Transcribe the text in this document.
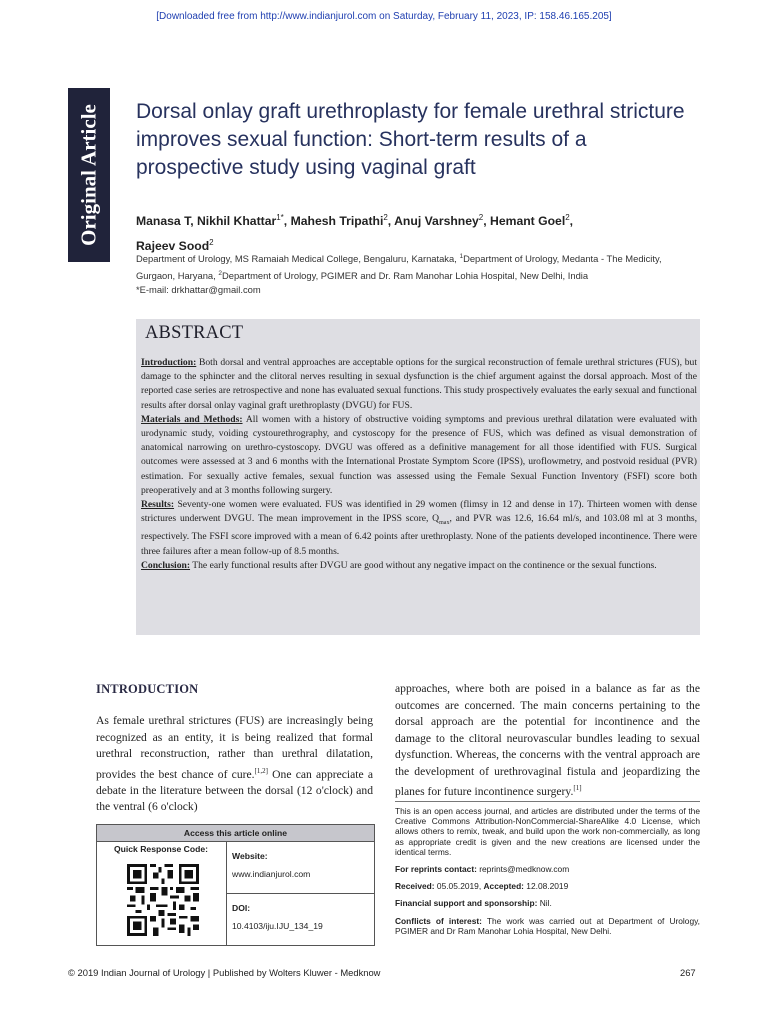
[Downloaded free from http://www.indianjurol.com on Saturday, February 11, 2023, IP: 158.46.165.205]
Original Article Dorsal onlay graft urethroplasty for female urethral stricture improves sexual function: Short-term results of a prospective study using vaginal graft
Manasa T, Nikhil Khattar$^{1*}$, Mahesh Tripathi$^2$, Anuj Varshney$^2$, Hemant Goel$^2$,
Rajeev Sood$^2$
Department of Urology, MS Ramaiah Medical College, Bengaluru, Karnataka, $^1$Department of Urology, Medanta - The Medicity, Gurgaon, Haryana, $^2$Department of Urology, PGIMER and Dr. Ram Manohar Lohia Hospital, New Delhi, India
*E-mail: drkhattar@gmail.com
ABSTRACT

Introduction: Both dorsal and ventral approaches are acceptable options for the surgical reconstruction of female urethral strictures (FUS), but damage to the sphincter and the clitoral nerves resulting in sexual dysfunction is the chief argument against the dorsal approach. Most of the reported case series are retrospective and none has evaluated sexual functions. This study prospectively evaluates the early sexual and functional results after dorsal onlay vaginal graft urethroplasty (DVGU) for FUS.

Materials and Methods: All women with a history of obstructive voiding symptoms and previous urethral dilatation were evaluated with urodynamic study, voiding cystourethrography, and cystoscopy for the presence of FUS, which was defined as visual demonstration of anatomical narrowing on urethro-cystoscopy. DVGU was offered as a definitive management for all those identified with FUS. Surgical outcomes were assessed at 3 and 6 months with the International Prostate Symptom Score (IPSS), uroflowmetry, and postvoid residual (PVR) estimation. For sexually active females, sexual function was assessed using the Female Sexual Function Inventory (FSFI) score both preoperatively and at 3 months following surgery.

Results: Seventy-one women were evaluated. FUS was identified in 29 women (flimsy in 12 and dense in 17). Thirteen women with dense strictures underwent DVGU. The mean improvement in the IPSS score, $Q_{max}$, and PVR was 12.6, 16.64 ml/s, and 103.08 ml at 3 months, respectively. The FSFI score improved with a mean of 6.42 points after urethroplasty. None of the patients developed incontinence. There were three failures after a mean follow-up of 8.5 months.

Conclusion: The early functional results after DVGU are good without any negative impact on the continence or the sexual functions.

INTRODUCTION

As female urethral strictures (FUS) are increasingly being recognized as an entity, it is being realized that formal urethral reconstruction, rather than urethral dilatation, provides the best chance of cure.[1,2] One can appreciate a debate in the literature between the dorsal (12 o'clock) and the ventral (6 o'clock)

approaches, where both are poised in a balance as far as the outcomes are concerned. The main concerns pertaining to the dorsal approach are the potential for incontinence and the damage to the clitoral neurovascular bundles leading to sexual dysfunction. Whereas, the concerns with the ventral approach are the development of urethrovaginal fistula and jeopardizing the planes for future incontinence surgery.[1]

Access this article online
Quick Response Code:
Website:
www.indianjurol.com
DOI:
10.4103/iju.IJU_134_19

This is an open access journal, and articles are distributed under the terms of the Creative Commons Attribution-NonCommercial-ShareAlike 4.0 License, which allows others to remix, tweak, and build upon the work non-commercially, as long as appropriate credit is given and the new creations are licensed under the identical terms.

For reprints contact: reprints@medknow.com

Received: 05.05.2019, Accepted: 12.08.2019

Financial support and sponsorship: Nil.

Conflicts of interest: The work was carried out at Department of Urology, PGIMER and Dr Ram Manohar Lohia Hospital, New Delhi.

© 2019 Indian Journal of Urology | Published by Wolters Kluwer - Medknow	267
